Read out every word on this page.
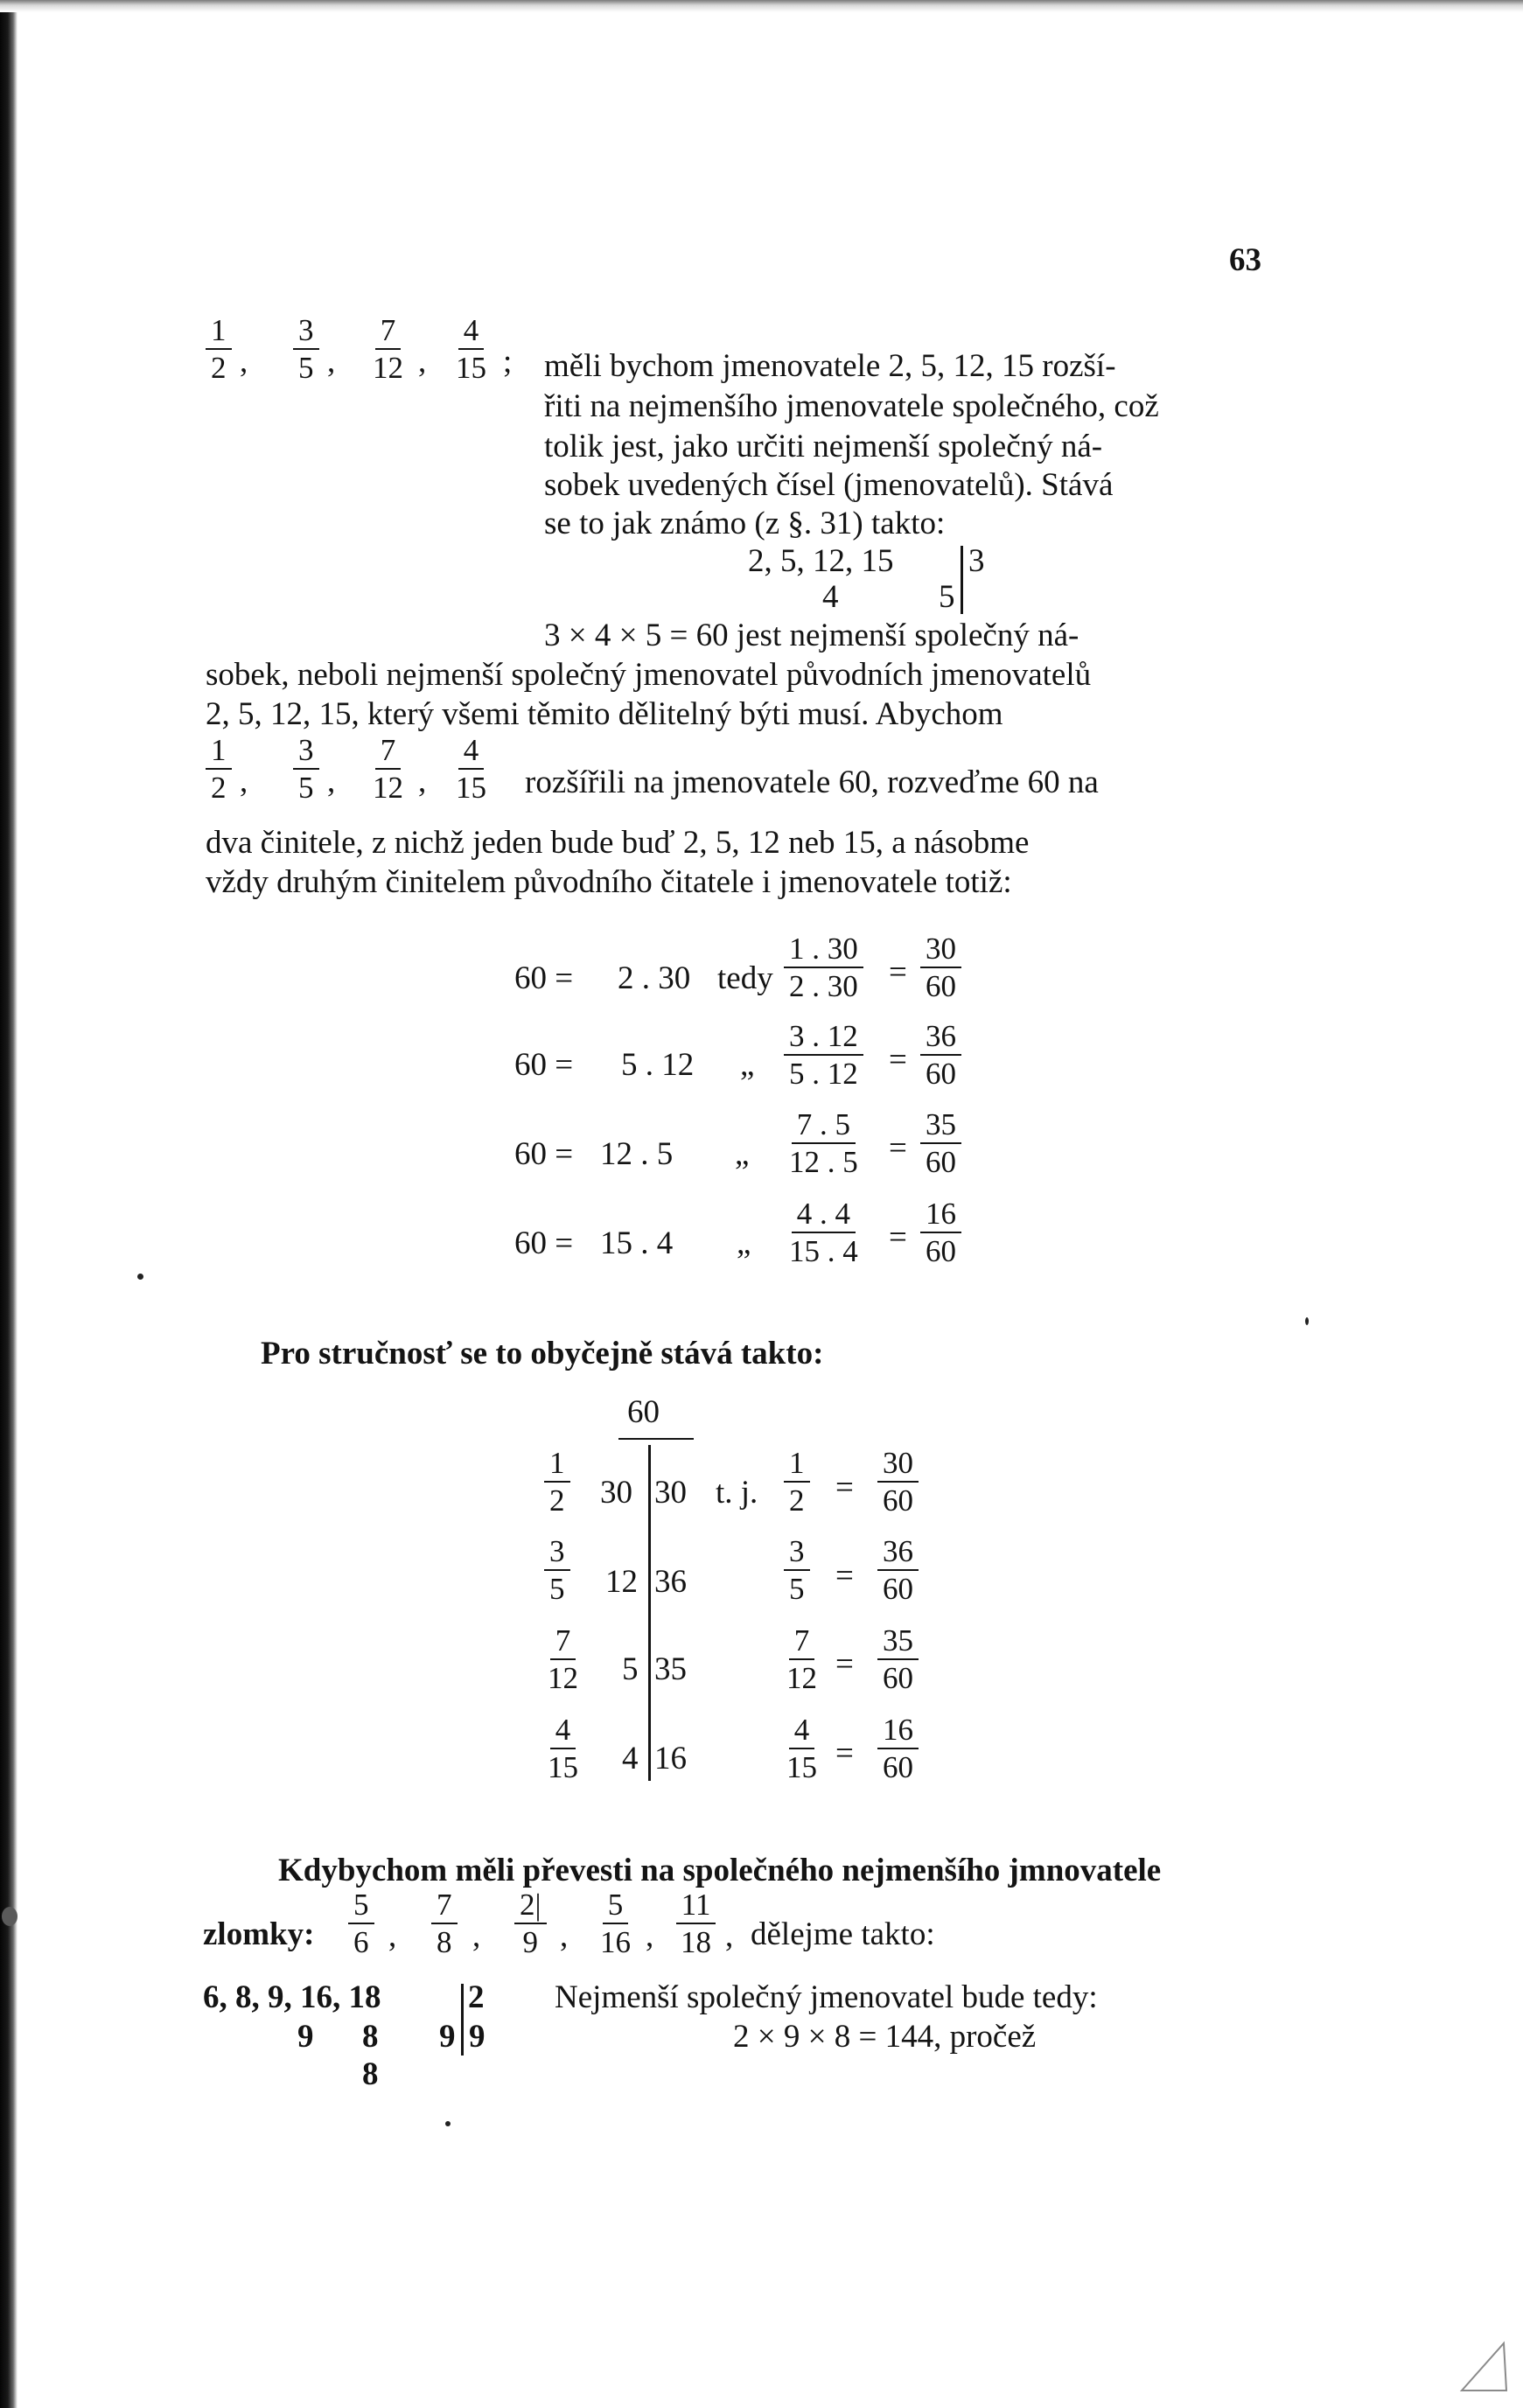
63
$\frac{1}{2}$ , $\frac{3}{5}$ , $\frac{7}{12}$ , $\frac{4}{15}$ ; měli bychom jmenovatele 2, 5, 12, 15 rozší-
řiti na nejmenšího jmenovatele společného, což
tolik jest, jako určiti nejmenší společný ná-
sobek uvedených čísel (jmenovatelů). Stává
se to jak známo (z §. 31) takto:
2, 5, 12, 15 3
4	5
3 × 4 × 5 = 60 jest nejmenší společný ná-
sobek, neboli nejmenší společný jmenovatel původních jmenovatelů
2, 5, 12, 15, který všemi těmito dělitelný býti musí. Abychom
$\frac{1}{2}$ , $\frac{3}{5}$ , $\frac{7}{12}$ , $\frac{4}{15}$ rozšířili na jmenovatele 60, rozveďme 60 na
dva činitele, z nichž jeden bude buď 2, 5, 12 neb 15, a násobme
vždy druhým činitelem původního čitatele i jmenovatele totiž:
60 = 2 . 30 tedy $\frac{1 . 30}{2 . 30} = \frac{30}{60}$
60 = 5 . 12 „ $\frac{3 . 12}{5 . 12} = \frac{36}{60}$
60 = 12 . 5 „ $\frac{7 . 5}{12 . 5} = \frac{35}{60}$
60 = 15 . 4 „ $\frac{4 . 4}{15 . 4} = \frac{16}{60}$
Pro stručnosť se to obyčejně stává takto:
60
$\frac{1}{2} 30$ 30 t. j. $\frac{1}{2} = \frac{30}{60}$
$\frac{3}{5} 12$ 36	$\frac{3}{5} = \frac{36}{60}$
$\frac{7}{12} 5$ 35	$\frac{7}{12} = \frac{35}{60}$
$\frac{4}{15} 4$ 16	$\frac{4}{15} = \frac{16}{60}$
Kdybychom měli převesti na společného nejmenšího jmnovatele
zlomky: $\frac{5}{6}$ , $\frac{7}{8}$ , $\frac{2|}{9}$ , $\frac{5}{16}$ , $\frac{11}{18}$ , dělejme takto:
6, 8, 9, 16, 18	2
9 8 9 9
8
Nejmenší společný jmenovatel bude tedy:
2 × 9 × 8 = 144, pročež
